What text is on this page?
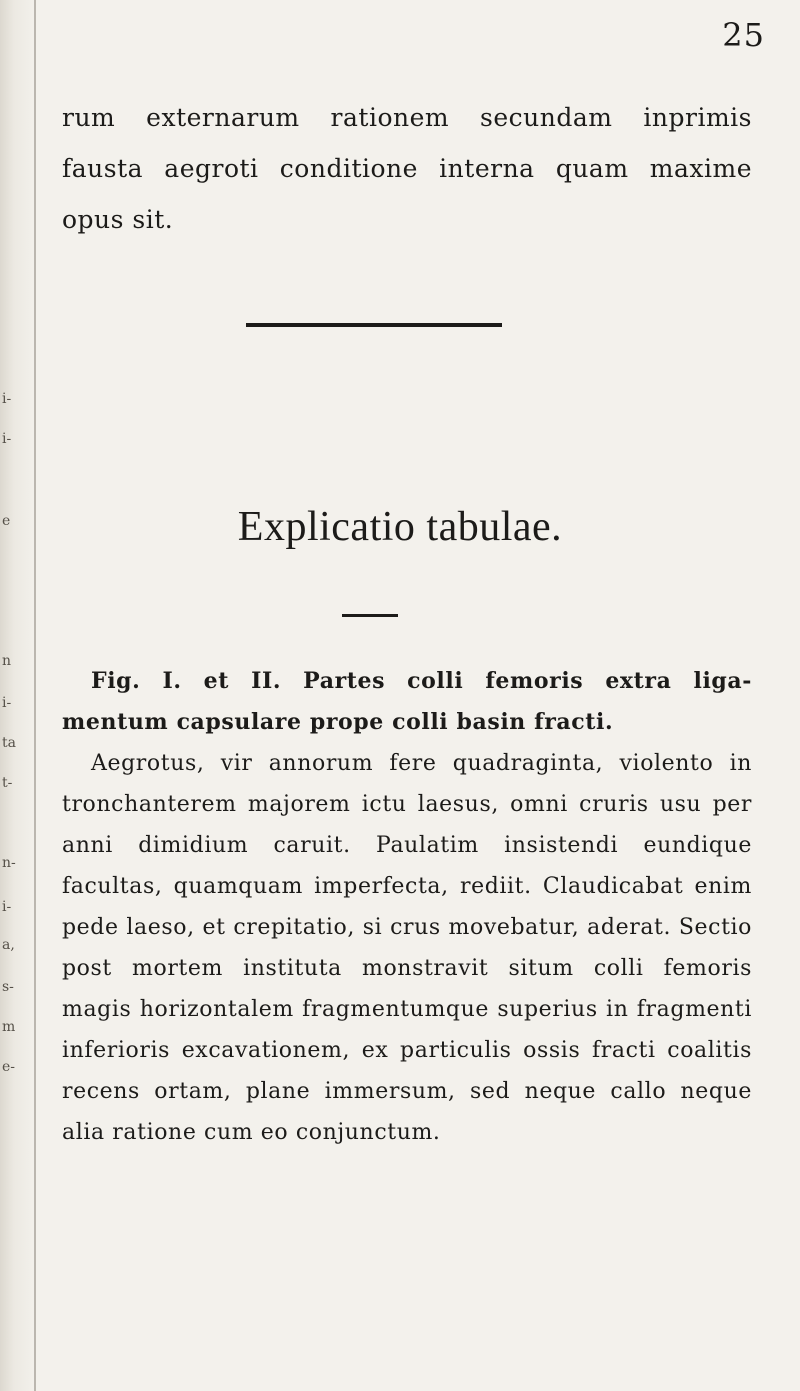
n
i-
ta
t-
n-
i-
a,
s-
m
e-
e
i-
i-
25
rum externarum rationem secundam inprimis
fausta aegroti conditione interna quam maxime
opus sit.
Explicatio tabulae.
Fig. I. et II. Partes colli femoris extra liga- mentum capsulare prope colli basin fracti.
Aegrotus, vir annorum fere quadraginta, violento in tronchanterem majorem ictu laesus, omni cruris usu per anni dimidium caruit. Paulatim insistendi eundique facultas, quamquam imperfecta, rediit. Claudicabat enim pede laeso, et crepitatio, si crus movebatur, aderat. Sectio post mortem instituta monstravit situm colli femoris magis horizontalem fragmentumque superius in fragmenti inferioris excavationem, ex particulis ossis fracti coalitis recens ortam, plane immersum, sed neque callo neque alia ratione cum eo conjunctum.
